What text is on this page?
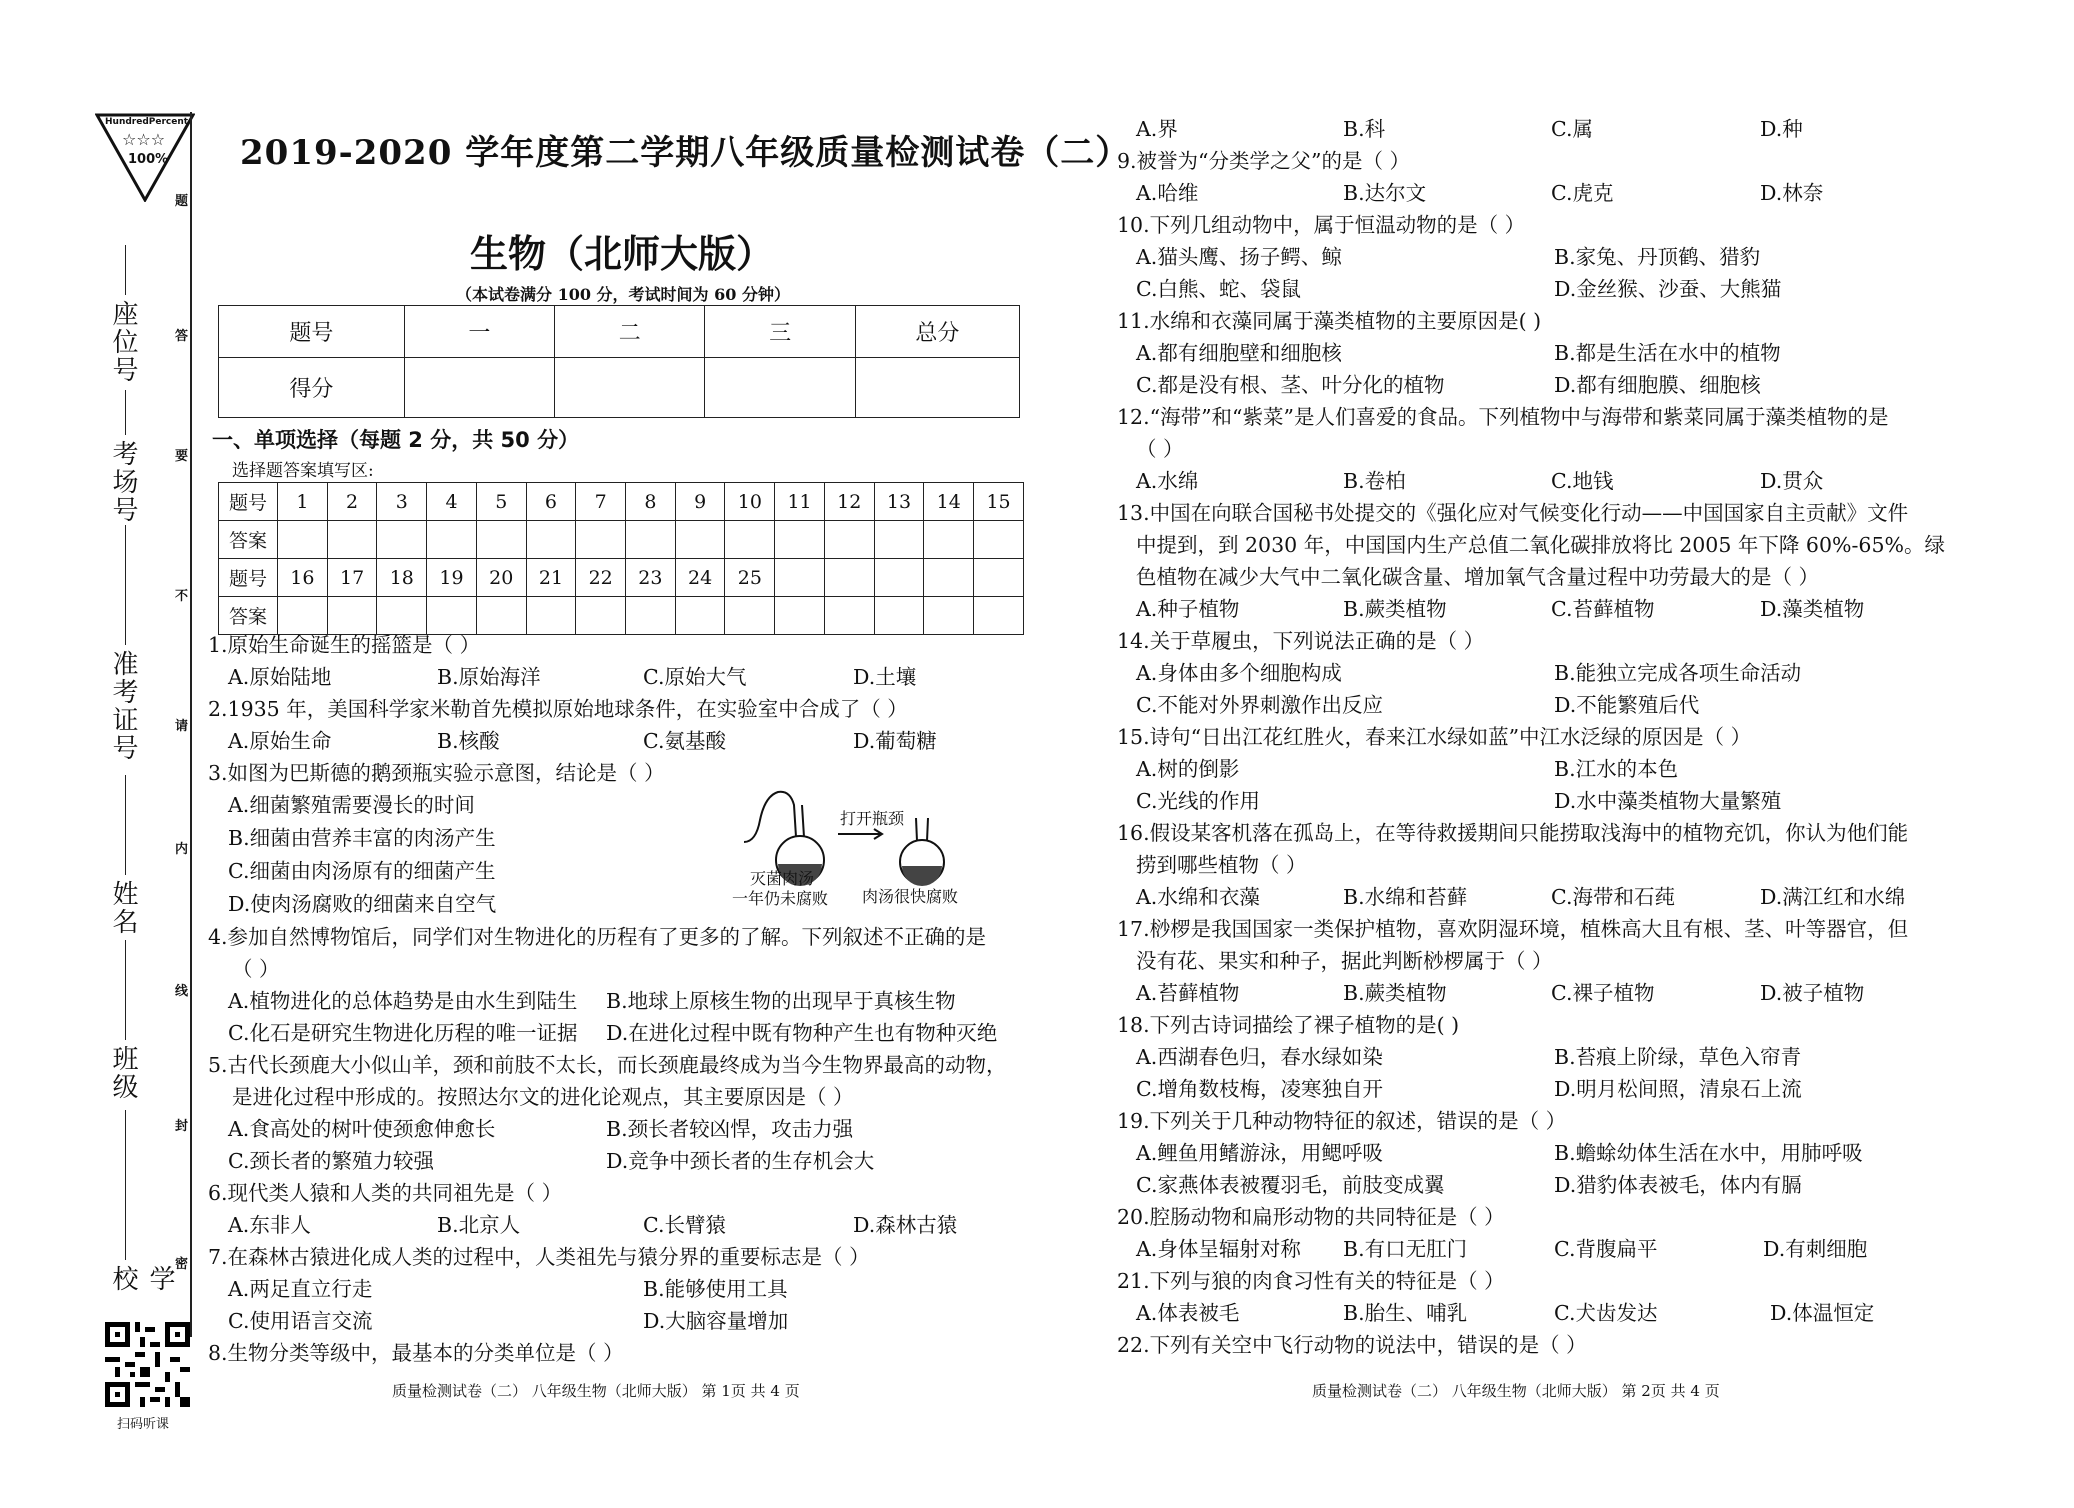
HundredPercent
☆☆☆
100%
题
答
要
不
请
内
线
封
密
座位号
考场号
准考证号
姓名
班级
学校
扫码听课
2019-2020 学年度第二学期八年级质量检测试卷（二）
生物（北师大版）
（本试卷满分 100 分，考试时间为 60 分钟）
题号	一	二	三	总分
得分				
一、单项选择（每题 2 分，共 50 分）
选择题答案填写区:
题号	1	2	3	4	5	6	7	8	9	10	11	12	13	14	15
答案															
题号	16	17	18	19	20	21	22	23	24	25					
答案															
1.原始生命诞生的摇篮是（ ）
A.原始陆地	B.原始海洋	C.原始大气	D.土壤
2.1935 年，美国科学家米勒首先模拟原始地球条件，在实验室中合成了（ ）
A.原始生命	B.核酸	C.氨基酸	D.葡萄糖
3.如图为巴斯德的鹅颈瓶实验示意图，结论是（ ）
A.细菌繁殖需要漫长的时间
B.细菌由营养丰富的肉汤产生
C.细菌由肉汤原有的细菌产生
D.使肉汤腐败的细菌来自空气
打开瓶颈
灭菌肉汤
一年仍未腐败 肉汤很快腐败
4.参加自然博物馆后，同学们对生物进化的历程有了更多的了解。下列叙述不正确的是
（ ）
A.植物进化的总体趋势是由水生到陆生 B.地球上原核生物的出现早于真核生物
C.化石是研究生物进化历程的唯一证据 D.在进化过程中既有物种产生也有物种灭绝
5.古代长颈鹿大小似山羊，颈和前肢不太长，而长颈鹿最终成为当今生物界最高的动物，
是进化过程中形成的。按照达尔文的进化论观点，其主要原因是（ ）
A.食高处的树叶使颈愈伸愈长	B.颈长者较凶悍，攻击力强
C.颈长者的繁殖力较强	D.竞争中颈长者的生存机会大
6.现代类人猿和人类的共同祖先是（ ）
A.东非人	B.北京人	C.长臂猿	D.森林古猿
7.在森林古猿进化成人类的过程中，人类祖先与猿分界的重要标志是（ ）
A.两足直立行走	B.能够使用工具
C.使用语言交流	D.大脑容量增加
8.生物分类等级中，最基本的分类单位是（ ）
质量检测试卷（二） 八年级生物（北师大版） 第 1页 共 4 页
A.界	B.科	C.属	D.种
9.被誉为“分类学之父”的是（ ）
A.哈维	B.达尔文	C.虎克	D.林奈
10.下列几组动物中，属于恒温动物的是（ ）
A.猫头鹰、扬子鳄、鲸	B.家兔、丹顶鹤、猎豹
C.白熊、蛇、袋鼠	D.金丝猴、沙蚕、大熊猫
11.水绵和衣藻同属于藻类植物的主要原因是( )
A.都有细胞壁和细胞核	B.都是生活在水中的植物
C.都是没有根、茎、叶分化的植物	D.都有细胞膜、细胞核
12.“海带”和“紫菜”是人们喜爱的食品。下列植物中与海带和紫菜同属于藻类植物的是
（ ）
A.水绵	B.卷柏	C.地钱	D.贯众
13.中国在向联合国秘书处提交的《强化应对气候变化行动——中国国家自主贡献》文件
中提到，到 2030 年，中国国内生产总值二氧化碳排放将比 2005 年下降 60%-65%。绿
色植物在减少大气中二氧化碳含量、增加氧气含量过程中功劳最大的是（ ）
A.种子植物	B.蕨类植物	C.苔藓植物	D.藻类植物
14.关于草履虫，下列说法正确的是（ ）
A.身体由多个细胞构成	B.能独立完成各项生命活动
C.不能对外界刺激作出反应	D.不能繁殖后代
15.诗句“日出江花红胜火，春来江水绿如蓝”中江水泛绿的原因是（ ）
A.树的倒影	B.江水的本色
C.光线的作用	D.水中藻类植物大量繁殖
16.假设某客机落在孤岛上，在等待救援期间只能捞取浅海中的植物充饥，你认为他们能
捞到哪些植物（ ）
A.水绵和衣藻	B.水绵和苔藓	C.海带和石莼	D.满江红和水绵
17.桫椤是我国国家一类保护植物，喜欢阴湿环境，植株高大且有根、茎、叶等器官，但
没有花、果实和种子，据此判断桫椤属于（ ）
A.苔藓植物	B.蕨类植物	C.裸子植物	D.被子植物
18.下列古诗词描绘了裸子植物的是( )
A.西湖春色归，春水绿如染	B.苔痕上阶绿，草色入帘青
C.增角数枝梅，凌寒独自开	D.明月松间照，清泉石上流
19.下列关于几种动物特征的叙述，错误的是（ ）
A.鲤鱼用鳍游泳，用鳃呼吸	B.蟾蜍幼体生活在水中，用肺呼吸
C.家燕体表被覆羽毛，前肢变成翼	D.猎豹体表被毛，体内有膈
20.腔肠动物和扁形动物的共同特征是（ ）
A.身体呈辐射对称 B.有口无肛门	C.背腹扁平	D.有刺细胞
21.下列与狼的肉食习性有关的特征是（ ）
A.体表被毛	B.胎生、哺乳	C.犬齿发达	D.体温恒定
22.下列有关空中飞行动物的说法中，错误的是（ ）
质量检测试卷（二） 八年级生物（北师大版） 第 2页 共 4 页
